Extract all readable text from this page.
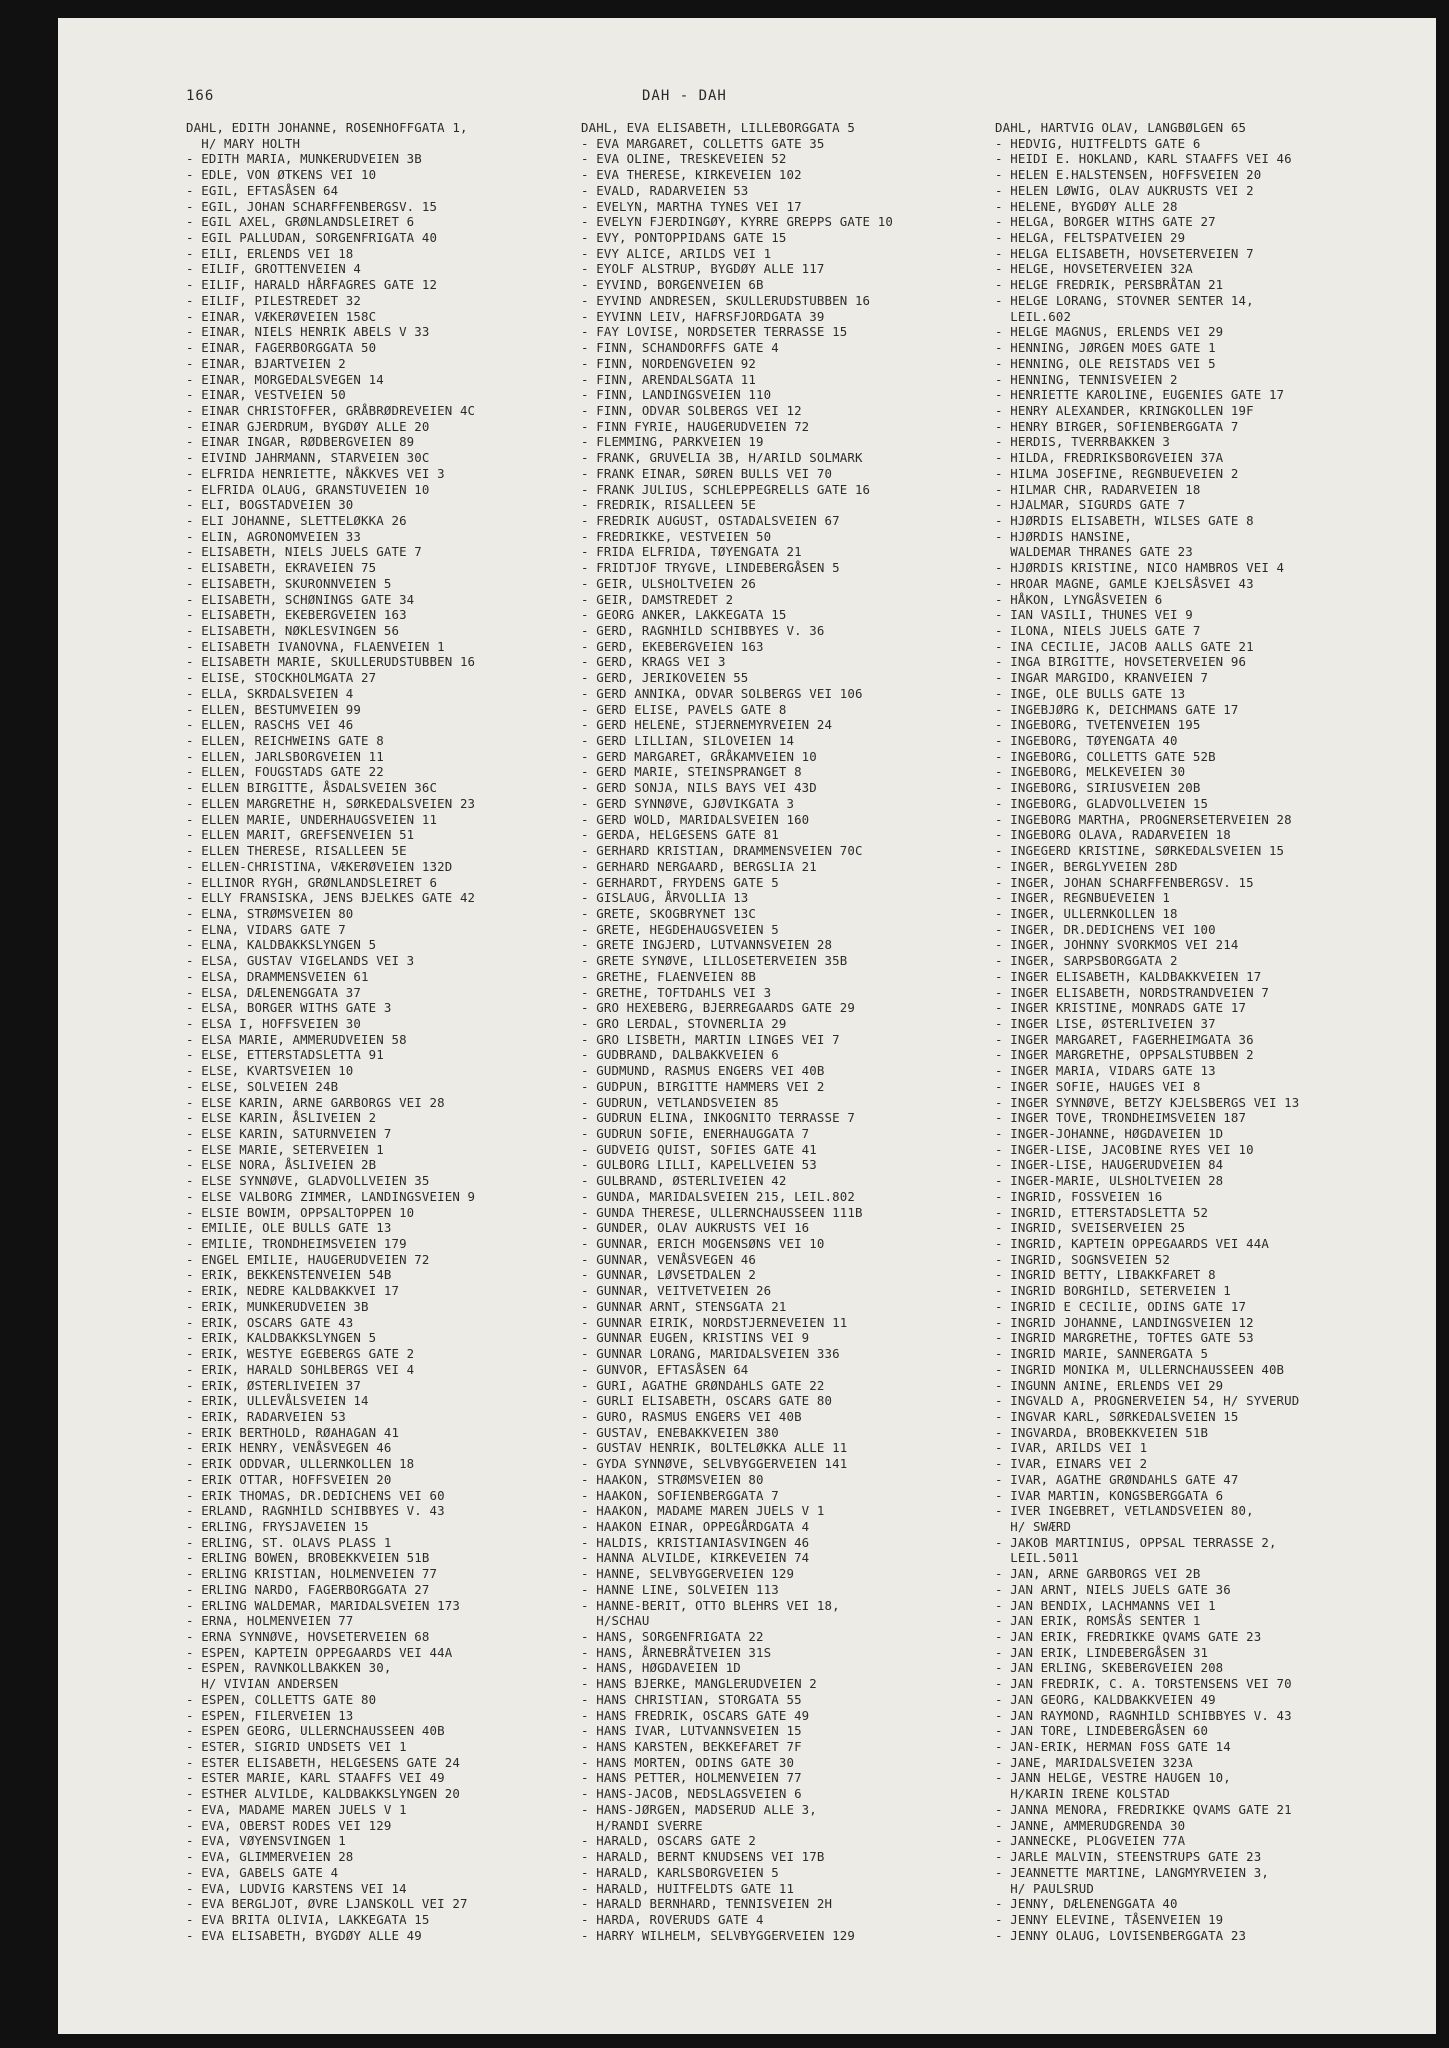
166	DAH - DAH
DAHL, EDITH JOHANNE, ROSENHOFFGATA 1,
H/ MARY HOLTH
- EDITH MARIA, MUNKERUDVEIEN 3B
- EDLE, VON ØTKENS VEI 10
- EGIL, EFTASÅSEN 64
- EGIL, JOHAN SCHARFFENBERGSV. 15
- EGIL AXEL, GRØNLANDSLEIRET 6
- EGIL PALLUDAN, SORGENFRIGATA 40
- EILI, ERLENDS VEI 18
- EILIF, GROTTENVEIEN 4
- EILIF, HARALD HÅRFAGRES GATE 12
- EILIF, PILESTREDET 32
- EINAR, VÆKERØVEIEN 158C
- EINAR, NIELS HENRIK ABELS V 33
- EINAR, FAGERBORGGATA 50
- EINAR, BJARTVEIEN 2
- EINAR, MORGEDALSVEGEN 14
- EINAR, VESTVEIEN 50
- EINAR CHRISTOFFER, GRÅBRØDREVEIEN 4C
- EINAR GJERDRUM, BYGDØY ALLE 20
- EINAR INGAR, RØDBERGVEIEN 89
- EIVIND JAHRMANN, STARVEIEN 30C
- ELFRIDA HENRIETTE, NÅKKVES VEI 3
- ELFRIDA OLAUG, GRANSTUVEIEN 10
- ELI, BOGSTADVEIEN 30
- ELI JOHANNE, SLETTELØKKA 26
- ELIN, AGRONOMVEIEN 33
- ELISABETH, NIELS JUELS GATE 7
- ELISABETH, EKRAVEIEN 75
- ELISABETH, SKURONNVEIEN 5
- ELISABETH, SCHØNINGS GATE 34
- ELISABETH, EKEBERGVEIEN 163
- ELISABETH, NØKLESVINGEN 56
- ELISABETH IVANOVNA, FLAENVEIEN 1
- ELISABETH MARIE, SKULLERUDSTUBBEN 16
- ELISE, STOCKHOLMGATA 27
- ELLA, SKRDALSVEIEN 4
- ELLEN, BESTUMVEIEN 99
- ELLEN, RASCHS VEI 46
- ELLEN, REICHWEINS GATE 8
- ELLEN, JARLSBORGVEIEN 11
- ELLEN, FOUGSTADS GATE 22
- ELLEN BIRGITTE, ÅSDALSVEIEN 36C
- ELLEN MARGRETHE H, SØRKEDALSVEIEN 23
- ELLEN MARIE, UNDERHAUGSVEIEN 11
- ELLEN MARIT, GREFSENVEIEN 51
- ELLEN THERESE, RISALLEEN 5E
- ELLEN-CHRISTINA, VÆKERØVEIEN 132D
- ELLINOR RYGH, GRØNLANDSLEIRET 6
- ELLY FRANSISKA, JENS BJELKES GATE 42
- ELNA, STRØMSVEIEN 80
- ELNA, VIDARS GATE 7
- ELNA, KALDBAKKSLYNGEN 5
- ELSA, GUSTAV VIGELANDS VEI 3
- ELSA, DRAMMENSVEIEN 61
- ELSA, DÆLENENGGATA 37
- ELSA, BORGER WITHS GATE 3
- ELSA I, HOFFSVEIEN 30
- ELSA MARIE, AMMERUDVEIEN 58
- ELSE, ETTERSTADSLETTA 91
- ELSE, KVARTSVEIEN 10
- ELSE, SOLVEIEN 24B
- ELSE KARIN, ARNE GARBORGS VEI 28
- ELSE KARIN, ÅSLIVEIEN 2
- ELSE KARIN, SATURNVEIEN 7
- ELSE MARIE, SETERVEIEN 1
- ELSE NORA, ÅSLIVEIEN 2B
- ELSE SYNNØVE, GLADVOLLVEIEN 35
- ELSE VALBORG ZIMMER, LANDINGSVEIEN 9
- ELSIE BOWIM, OPPSALTOPPEN 10
- EMILIE, OLE BULLS GATE 13
- EMILIE, TRONDHEIMSVEIEN 179
- ENGEL EMILIE, HAUGERUDVEIEN 72
- ERIK, BEKKENSTENVEIEN 54B
- ERIK, NEDRE KALDBAKKVEI 17
- ERIK, MUNKERUDVEIEN 3B
- ERIK, OSCARS GATE 43
- ERIK, KALDBAKKSLYNGEN 5
- ERIK, WESTYE EGEBERGS GATE 2
- ERIK, HARALD SOHLBERGS VEI 4
- ERIK, ØSTERLIVEIEN 37
- ERIK, ULLEVÅLSVEIEN 14
- ERIK, RADARVEIEN 53
- ERIK BERTHOLD, RØAHAGAN 41
- ERIK HENRY, VENÅSVEGEN 46
- ERIK ODDVAR, ULLERNKOLLEN 18
- ERIK OTTAR, HOFFSVEIEN 20
- ERIK THOMAS, DR.DEDICHENS VEI 60
- ERLAND, RAGNHILD SCHIBBYES V. 43
- ERLING, FRYSJAVEIEN 15
- ERLING, ST. OLAVS PLASS 1
- ERLING BOWEN, BROBEKKVEIEN 51B
- ERLING KRISTIAN, HOLMENVEIEN 77
- ERLING NARDO, FAGERBORGGATA 27
- ERLING WALDEMAR, MARIDALSVEIEN 173
- ERNA, HOLMENVEIEN 77
- ERNA SYNNØVE, HOVSETERVEIEN 68
- ESPEN, KAPTEIN OPPEGAARDS VEI 44A
- ESPEN, RAVNKOLLBAKKEN 30,
H/ VIVIAN ANDERSEN
- ESPEN, COLLETTS GATE 80
- ESPEN, FILERVEIEN 13
- ESPEN GEORG, ULLERNCHAUSSEEN 40B
- ESTER, SIGRID UNDSETS VEI 1
- ESTER ELISABETH, HELGESENS GATE 24
- ESTER MARIE, KARL STAAFFS VEI 49
- ESTHER ALVILDE, KALDBAKKSLYNGEN 20
- EVA, MADAME MAREN JUELS V 1
- EVA, OBERST RODES VEI 129
- EVA, VØYENSVINGEN 1
- EVA, GLIMMERVEIEN 28
- EVA, GABELS GATE 4
- EVA, LUDVIG KARSTENS VEI 14
- EVA BERGLJOT, ØVRE LJANSKOLL VEI 27
- EVA BRITA OLIVIA, LAKKEGATA 15
- EVA ELISABETH, BYGDØY ALLE 49
DAHL, EVA ELISABETH, LILLEBORGGATA 5
- EVA MARGARET, COLLETTS GATE 35
- EVA OLINE, TRESKEVEIEN 52
- EVA THERESE, KIRKEVEIEN 102
- EVALD, RADARVEIEN 53
- EVELYN, MARTHA TYNES VEI 17
- EVELYN FJERDINGØY, KYRRE GREPPS GATE 10
- EVY, PONTOPPIDANS GATE 15
- EVY ALICE, ARILDS VEI 1
- EYOLF ALSTRUP, BYGDØY ALLE 117
- EYVIND, BORGENVEIEN 6B
- EYVIND ANDRESEN, SKULLERUDSTUBBEN 16
- EYVINN LEIV, HAFRSFJORDGATA 39
- FAY LOVISE, NORDSETER TERRASSE 15
- FINN, SCHANDORFFS GATE 4
- FINN, NORDENGVEIEN 92
- FINN, ARENDALSGATA 11
- FINN, LANDINGSVEIEN 110
- FINN, ODVAR SOLBERGS VEI 12
- FINN FYRIE, HAUGERUDVEIEN 72
- FLEMMING, PARKVEIEN 19
- FRANK, GRUVELIA 3B, H/ARILD SOLMARK
- FRANK EINAR, SØREN BULLS VEI 70
- FRANK JULIUS, SCHLEPPEGRELLS GATE 16
- FREDRIK, RISALLEEN 5E
- FREDRIK AUGUST, OSTADALSVEIEN 67
- FREDRIKKE, VESTVEIEN 50
- FRIDA ELFRIDA, TØYENGATA 21
- FRIDTJOF TRYGVE, LINDEBERGÅSEN 5
- GEIR, ULSHOLTVEIEN 26
- GEIR, DAMSTREDET 2
- GEORG ANKER, LAKKEGATA 15
- GERD, RAGNHILD SCHIBBYES V. 36
- GERD, EKEBERGVEIEN 163
- GERD, KRAGS VEI 3
- GERD, JERIKOVEIEN 55
- GERD ANNIKA, ODVAR SOLBERGS VEI 106
- GERD ELISE, PAVELS GATE 8
- GERD HELENE, STJERNEMYRVEIEN 24
- GERD LILLIAN, SILOVEIEN 14
- GERD MARGARET, GRÅKAMVEIEN 10
- GERD MARIE, STEINSPRANGET 8
- GERD SONJA, NILS BAYS VEI 43D
- GERD SYNNØVE, GJØVIKGATA 3
- GERD WOLD, MARIDALSVEIEN 160
- GERDA, HELGESENS GATE 81
- GERHARD KRISTIAN, DRAMMENSVEIEN 70C
- GERHARD NERGAARD, BERGSLIA 21
- GERHARDT, FRYDENS GATE 5
- GISLAUG, ÅRVOLLIA 13
- GRETE, SKOGBRYNET 13C
- GRETE, HEGDEHAUGSVEIEN 5
- GRETE INGJERD, LUTVANNSVEIEN 28
- GRETE SYNØVE, LILLOSETERVEIEN 35B
- GRETHE, FLAENVEIEN 8B
- GRETHE, TOFTDAHLS VEI 3
- GRO HEXEBERG, BJERREGAARDS GATE 29
- GRO LERDAL, STOVNERLIA 29
- GRO LISBETH, MARTIN LINGES VEI 7
- GUDBRAND, DALBAKKVEIEN 6
- GUDMUND, RASMUS ENGERS VEI 40B
- GUDPUN, BIRGITTE HAMMERS VEI 2
- GUDRUN, VETLANDSVEIEN 85
- GUDRUN ELINA, INKOGNITO TERRASSE 7
- GUDRUN SOFIE, ENERHAUGGATA 7
- GUDVEIG QUIST, SOFIES GATE 41
- GULBORG LILLI, KAPELLVEIEN 53
- GULBRAND, ØSTERLIVEIEN 42
- GUNDA, MARIDALSVEIEN 215, LEIL.802
- GUNDA THERESE, ULLERNCHAUSSEEN 111B
- GUNDER, OLAV AUKRUSTS VEI 16
- GUNNAR, ERICH MOGENSØNS VEI 10
- GUNNAR, VENÅSVEGEN 46
- GUNNAR, LØVSETDALEN 2
- GUNNAR, VEITVETVEIEN 26
- GUNNAR ARNT, STENSGATA 21
- GUNNAR EIRIK, NORDSTJERNEVEIEN 11
- GUNNAR EUGEN, KRISTINS VEI 9
- GUNNAR LORANG, MARIDALSVEIEN 336
- GUNVOR, EFTASÅSEN 64
- GURI, AGATHE GRØNDAHLS GATE 22
- GURLI ELISABETH, OSCARS GATE 80
- GURO, RASMUS ENGERS VEI 40B
- GUSTAV, ENEBAKKVEIEN 380
- GUSTAV HENRIK, BOLTELØKKA ALLE 11
- GYDA SYNNØVE, SELVBYGGERVEIEN 141
- HAAKON, STRØMSVEIEN 80
- HAAKON, SOFIENBERGGATA 7
- HAAKON, MADAME MAREN JUELS V 1
- HAAKON EINAR, OPPEGÅRDGATA 4
- HALDIS, KRISTIANIASVINGEN 46
- HANNA ALVILDE, KIRKEVEIEN 74
- HANNE, SELVBYGGERVEIEN 129
- HANNE LINE, SOLVEIEN 113
- HANNE-BERIT, OTTO BLEHRS VEI 18,
H/SCHAU
- HANS, SORGENFRIGATA 22
- HANS, ÅRNEBRÅTVEIEN 31S
- HANS, HØGDAVEIEN 1D
- HANS BJERKE, MANGLERUDVEIEN 2
- HANS CHRISTIAN, STORGATA 55
- HANS FREDRIK, OSCARS GATE 49
- HANS IVAR, LUTVANNSVEIEN 15
- HANS KARSTEN, BEKKEFARET 7F
- HANS MORTEN, ODINS GATE 30
- HANS PETTER, HOLMENVEIEN 77
- HANS-JACOB, NEDSLAGSVEIEN 6
- HANS-JØRGEN, MADSERUD ALLE 3,
H/RANDI SVERRE
- HARALD, OSCARS GATE 2
- HARALD, BERNT KNUDSENS VEI 17B
- HARALD, KARLSBORGVEIEN 5
- HARALD, HUITFELDTS GATE 11
- HARALD BERNHARD, TENNISVEIEN 2H
- HARDA, ROVERUDS GATE 4
- HARRY WILHELM, SELVBYGGERVEIEN 129
DAHL, HARTVIG OLAV, LANGBØLGEN 65
- HEDVIG, HUITFELDTS GATE 6
- HEIDI E. HOKLAND, KARL STAAFFS VEI 46
- HELEN E.HALSTENSEN, HOFFSVEIEN 20
- HELEN LØWIG, OLAV AUKRUSTS VEI 2
- HELENE, BYGDØY ALLE 28
- HELGA, BORGER WITHS GATE 27
- HELGA, FELTSPATVEIEN 29
- HELGA ELISABETH, HOVSETERVEIEN 7
- HELGE, HOVSETERVEIEN 32A
- HELGE FREDRIK, PERSBRÅTAN 21
- HELGE LORANG, STOVNER SENTER 14,
LEIL.602
- HELGE MAGNUS, ERLENDS VEI 29
- HENNING, JØRGEN MOES GATE 1
- HENNING, OLE REISTADS VEI 5
- HENNING, TENNISVEIEN 2
- HENRIETTE KAROLINE, EUGENIES GATE 17
- HENRY ALEXANDER, KRINGKOLLEN 19F
- HENRY BIRGER, SOFIENBERGGATA 7
- HERDIS, TVERRBAKKEN 3
- HILDA, FREDRIKSBORGVEIEN 37A
- HILMA JOSEFINE, REGNBUEVEIEN 2
- HILMAR CHR, RADARVEIEN 18
- HJALMAR, SIGURDS GATE 7
- HJØRDIS ELISABETH, WILSES GATE 8
- HJØRDIS HANSINE,
WALDEMAR THRANES GATE 23
- HJØRDIS KRISTINE, NICO HAMBROS VEI 4
- HROAR MAGNE, GAMLE KJELSÅSVEI 43
- HÅKON, LYNGÅSVEIEN 6
- IAN VASILI, THUNES VEI 9
- ILONA, NIELS JUELS GATE 7
- INA CECILIE, JACOB AALLS GATE 21
- INGA BIRGITTE, HOVSETERVEIEN 96
- INGAR MARGIDO, KRANVEIEN 7
- INGE, OLE BULLS GATE 13
- INGEBJØRG K, DEICHMANS GATE 17
- INGEBORG, TVETENVEIEN 195
- INGEBORG, TØYENGATA 40
- INGEBORG, COLLETTS GATE 52B
- INGEBORG, MELKEVEIEN 30
- INGEBORG, SIRIUSVEIEN 20B
- INGEBORG, GLADVOLLVEIEN 15
- INGEBORG MARTHA, PROGNERSETERVEIEN 28
- INGEBORG OLAVA, RADARVEIEN 18
- INGEGERD KRISTINE, SØRKEDALSVEIEN 15
- INGER, BERGLYVEIEN 28D
- INGER, JOHAN SCHARFFENBERGSV. 15
- INGER, REGNBUEVEIEN 1
- INGER, ULLERNKOLLEN 18
- INGER, DR.DEDICHENS VEI 100
- INGER, JOHNNY SVORKMOS VEI 214
- INGER, SARPSBORGGATA 2
- INGER ELISABETH, KALDBAKKVEIEN 17
- INGER ELISABETH, NORDSTRANDVEIEN 7
- INGER KRISTINE, MONRADS GATE 17
- INGER LISE, ØSTERLIVEIEN 37
- INGER MARGARET, FAGERHEIMGATA 36
- INGER MARGRETHE, OPPSALSTUBBEN 2
- INGER MARIA, VIDARS GATE 13
- INGER SOFIE, HAUGES VEI 8
- INGER SYNNØVE, BETZY KJELSBERGS VEI 13
- INGER TOVE, TRONDHEIMSVEIEN 187
- INGER-JOHANNE, HØGDAVEIEN 1D
- INGER-LISE, JACOBINE RYES VEI 10
- INGER-LISE, HAUGERUDVEIEN 84
- INGER-MARIE, ULSHOLTVEIEN 28
- INGRID, FOSSVEIEN 16
- INGRID, ETTERSTADSLETTA 52
- INGRID, SVEISERVEIEN 25
- INGRID, KAPTEIN OPPEGAARDS VEI 44A
- INGRID, SOGNSVEIEN 52
- INGRID BETTY, LIBAKKFARET 8
- INGRID BORGHILD, SETERVEIEN 1
- INGRID E CECILIE, ODINS GATE 17
- INGRID JOHANNE, LANDINGSVEIEN 12
- INGRID MARGRETHE, TOFTES GATE 53
- INGRID MARIE, SANNERGATA 5
- INGRID MONIKA M, ULLERNCHAUSSEEN 40B
- INGUNN ANINE, ERLENDS VEI 29
- INGVALD A, PROGNERVEIEN 54, H/ SYVERUD
- INGVAR KARL, SØRKEDALSVEIEN 15
- INGVARDA, BROBEKKVEIEN 51B
- IVAR, ARILDS VEI 1
- IVAR, EINARS VEI 2
- IVAR, AGATHE GRØNDAHLS GATE 47
- IVAR MARTIN, KONGSBERGGATA 6
- IVER INGEBRET, VETLANDSVEIEN 80,
H/ SWÆRD
- JAKOB MARTINIUS, OPPSAL TERRASSE 2,
LEIL.5011
- JAN, ARNE GARBORGS VEI 2B
- JAN ARNT, NIELS JUELS GATE 36
- JAN BENDIX, LACHMANNS VEI 1
- JAN ERIK, ROMSÅS SENTER 1
- JAN ERIK, FREDRIKKE QVAMS GATE 23
- JAN ERIK, LINDEBERGÅSEN 31
- JAN ERLING, SKEBERGVEIEN 208
- JAN FREDRIK, C. A. TORSTENSENS VEI 70
- JAN GEORG, KALDBAKKVEIEN 49
- JAN RAYMOND, RAGNHILD SCHIBBYES V. 43
- JAN TORE, LINDEBERGÅSEN 60
- JAN-ERIK, HERMAN FOSS GATE 14
- JANE, MARIDALSVEIEN 323A
- JANN HELGE, VESTRE HAUGEN 10,
H/KARIN IRENE KOLSTAD
- JANNA MENORA, FREDRIKKE QVAMS GATE 21
- JANNE, AMMERUDGRENDA 30
- JANNECKE, PLOGVEIEN 77A
- JARLE MALVIN, STEENSTRUPS GATE 23
- JEANNETTE MARTINE, LANGMYRVEIEN 3,
H/ PAULSRUD
- JENNY, DÆLENENGGATA 40
- JENNY ELEVINE, TÅSENVEIEN 19
- JENNY OLAUG, LOVISENBERGGATA 23
